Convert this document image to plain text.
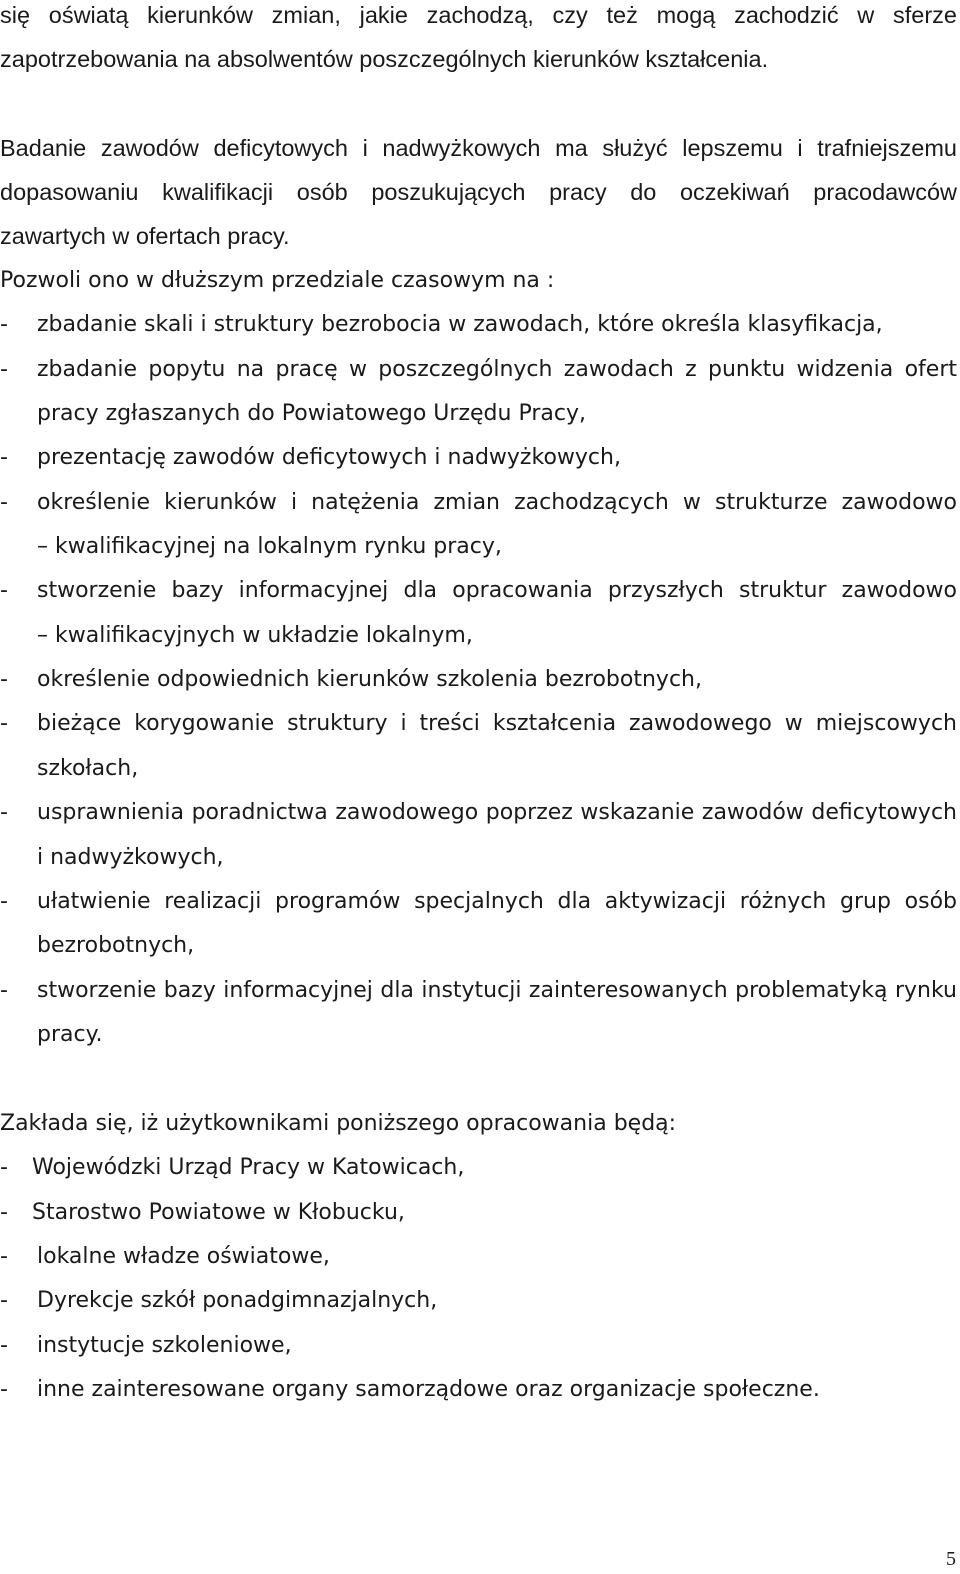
się oświatą kierunków zmian, jakie zachodzą, czy też mogą zachodzić w sferze
zapotrzebowania na absolwentów poszczególnych kierunków kształcenia.
Badanie zawodów deficytowych i nadwyżkowych ma służyć lepszemu i trafniejszemu
dopasowaniu kwalifikacji osób poszukujących pracy do oczekiwań pracodawców
zawartych w ofertach pracy.
Pozwoli ono w dłuższym przedziale czasowym na :
- zbadanie skali i struktury bezrobocia w zawodach, które określa klasyfikacja,
- zbadanie popytu na pracę w poszczególnych zawodach z punktu widzenia ofert
pracy zgłaszanych do Powiatowego Urzędu Pracy,
- prezentację zawodów deficytowych i nadwyżkowych,
- określenie kierunków i natężenia zmian zachodzących w strukturze zawodowo
– kwalifikacyjnej na lokalnym rynku pracy,
- stworzenie bazy informacyjnej dla opracowania przyszłych struktur zawodowo
– kwalifikacyjnych w układzie lokalnym,
- określenie odpowiednich kierunków szkolenia bezrobotnych,
- bieżące korygowanie struktury i treści kształcenia zawodowego w miejscowych
szkołach,
- usprawnienia poradnictwa zawodowego poprzez wskazanie zawodów deficytowych
i nadwyżkowych,
- ułatwienie realizacji programów specjalnych dla aktywizacji różnych grup osób
bezrobotnych,
- stworzenie bazy informacyjnej dla instytucji zainteresowanych problematyką rynku
pracy.
Zakłada się, iż użytkownikami poniższego opracowania będą:
- Wojewódzki Urząd Pracy w Katowicach,
- Starostwo Powiatowe w Kłobucku,
- lokalne władze oświatowe,
- Dyrekcje szkół ponadgimnazjalnych,
- instytucje szkoleniowe,
- inne zainteresowane organy samorządowe oraz organizacje społeczne.
5
